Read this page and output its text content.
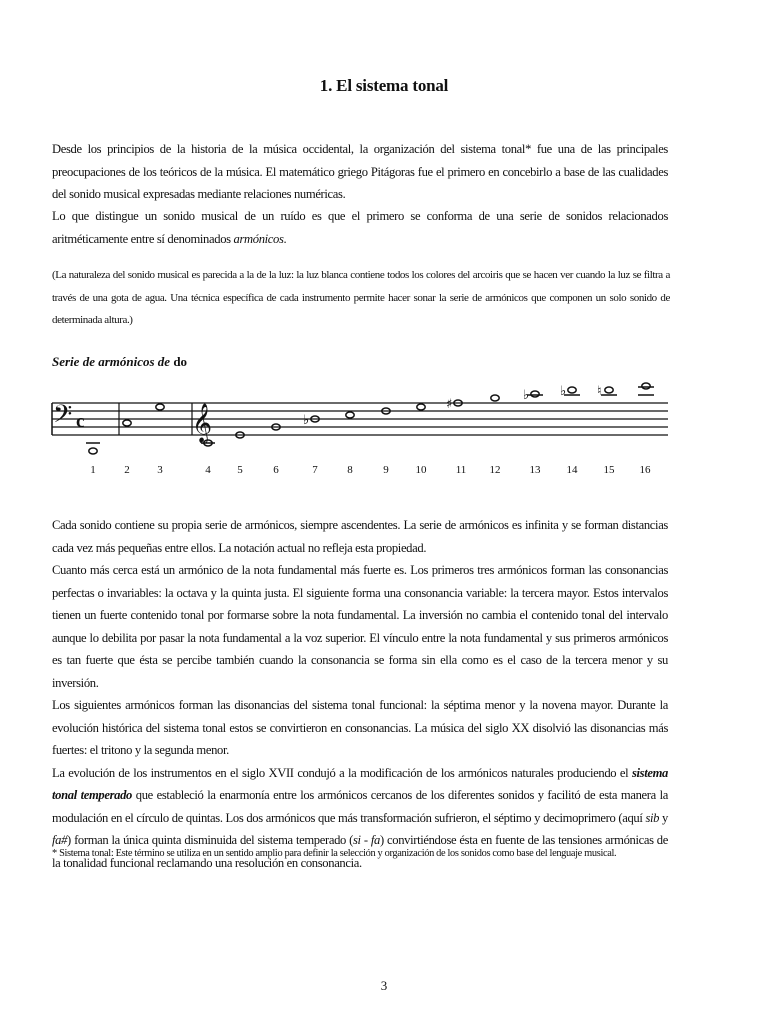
1. El sistema tonal

Desde los principios de la historia de la música occidental, la organización del sistema tonal* fue una de las principales preocupaciones de los teóricos de la música. El matemático griego Pitágoras fue el primero en concebirlo a base de las cualidades del sonido musical expresadas mediante relaciones numéricas.

Lo que distingue un sonido musical de un ruído es que el primero se conforma de una serie de sonidos relacionados aritméticamente entre sí denominados armónicos.

(La naturaleza del sonido musical es parecida a la de la luz: la luz blanca contiene todos los colores del arcoiris que se hacen ver cuando la luz se filtra a través de una gota de agua. Una técnica específica de cada instrumento permite hacer sonar la serie de armónicos que componen un solo sonido de determinada altura.)

Serie de armónicos de do
𝄢 c	𝄞	♭
♯
♭ ♭ ♮
1	2	3	4 5	6	7	8	9 10	11 12	13 14 15 16
Cada sonido contiene su propia serie de armónicos, siempre ascendentes. La serie de armónicos es infinita y se forman distancias cada vez más pequeñas entre ellos. La notación actual no refleja esta propiedad.
Cuanto más cerca está un armónico de la nota fundamental más fuerte es. Los primeros tres armónicos forman las consonancias perfectas o invariables: la octava y la quinta justa. El siguiente forma una consonancia variable: la tercera mayor. Estos intervalos tienen un fuerte contenido tonal por formarse sobre la nota fundamental. La inversión no cambia el contenido tonal del intervalo aunque lo debilita por pasar la nota fundamental a la voz superior. El vínculo entre la nota fundamental y sus primeros armónicos es tan fuerte que ésta se percibe también cuando la consonancia se forma sin ella como es el caso de la tercera menor y su inversión.
Los siguientes armónicos forman las disonancias del sistema tonal funcional: la séptima menor y la novena mayor. Durante la evolución histórica del sistema tonal estos se convirtieron en consonancias. La música del siglo XX disolvió las disonancias más fuertes: el tritono y la segunda menor.
La evolución de los instrumentos en el siglo XVII condujó a la modificación de los armónicos naturales produciendo el sistema tonal temperado que estableció la enarmonía entre los armónicos cercanos de los diferentes sonidos y facilitó de esta manera la modulación en el círculo de quintas. Los dos armónicos que más transformación sufrieron, el séptimo y decimoprimero (aquí sib y fa#) forman la única quinta disminuida del sistema temperado (si - fa) convirtiéndose ésta en fuente de las tensiones armónicas de la tonalidad funcional reclamando una resolución en consonancia.

* Sistema tonal: Este término se utiliza en un sentido amplio para definir la selección y organización de los sonidos como base del lenguaje musical.

3
